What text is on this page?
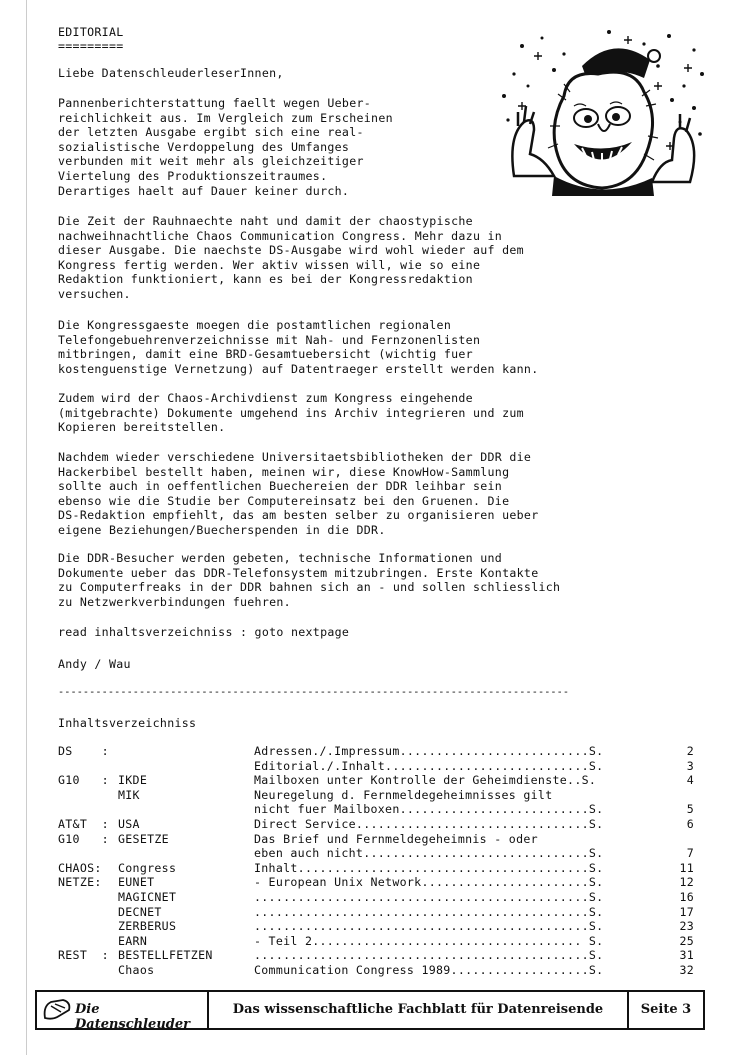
EDITORIAL
=========
Liebe DatenschleuderleserInnen,
Pannenberichterstattung faellt wegen Ueber-
reichlichkeit aus. Im Vergleich zum Erscheinen
der letzten Ausgabe ergibt sich eine real-
sozialistische Verdoppelung des Umfanges
verbunden mit weit mehr als gleichzeitiger
Viertelung des Produktionszeitraumes.
Derartiges haelt auf Dauer keiner durch.
Die Zeit der Rauhnaechte naht und damit der chaostypische
nachweihnachtliche Chaos Communication Congress. Mehr dazu in
dieser Ausgabe. Die naechste DS-Ausgabe wird wohl wieder auf dem
Kongress fertig werden. Wer aktiv wissen will, wie so eine
Redaktion funktioniert, kann es bei der Kongressredaktion
versuchen.
Die Kongressgaeste moegen die postamtlichen regionalen
Telefongebuehrenverzeichnisse mit Nah- und Fernzonenlisten
mitbringen, damit eine BRD-Gesamtuebersicht (wichtig fuer
kostenguenstige Vernetzung) auf Datentraeger erstellt werden kann.
Zudem wird der Chaos-Archivdienst zum Kongress eingehende
(mitgebrachte) Dokumente umgehend ins Archiv integrieren und zum
Kopieren bereitstellen.
Nachdem wieder verschiedene Universitaetsbibliotheken der DDR die
Hackerbibel bestellt haben, meinen wir, diese KnowHow-Sammlung
sollte auch in oeffentlichen Buechereien der DDR leihbar sein
ebenso wie die Studie ber Computereinsatz bei den Gruenen. Die
DS-Redaktion empfiehlt, das am besten selber zu organisieren ueber
eigene Beziehungen/Buecherspenden in die DDR.
Die DDR-Besucher werden gebeten, technische Informationen und
Dokumente ueber das DDR-Telefonsystem mitzubringen. Erste Kontakte
zu Computerfreaks in der DDR bahnen sich an - und sollen schliesslich
zu Netzwerkverbindungen fuehren.
read inhaltsverzeichniss : goto nextpage
Andy / Wau
----------------------------------------------------------------------------------
Inhaltsverzeichniss
DS    :	Adressen./.Impressum..........................S.	2
Editorial./.Inhalt............................S.	3
G10   : IKDE	Mailboxen unter Kontrolle der Geheimdienste..S.	4
MIK	Neuregelung d. Fernmeldegeheimnisses gilt
nicht fuer Mailboxen..........................S.	5
AT&T  : USA	Direct Service................................S.	6
G10   : GESETZE	Das Brief und Fernmeldegeheimnis - oder
eben auch nicht...............................S.	7
CHAOS: Congress	Inhalt........................................S.	11
NETZE: EUNET	- European Unix Network.......................S.	12
MAGICNET	..............................................S.	16
DECNET	..............................................S.	17
ZERBERUS	..............................................S.	23
EARN	- Teil 2..................................... S.	25
REST  : BESTELLFETZEN	..............................................S.	31
Chaos	Communication Congress 1989...................S.	32
Die Datenschleuder
Das wissenschaftliche Fachblatt für Datenreisende	Seite 3
